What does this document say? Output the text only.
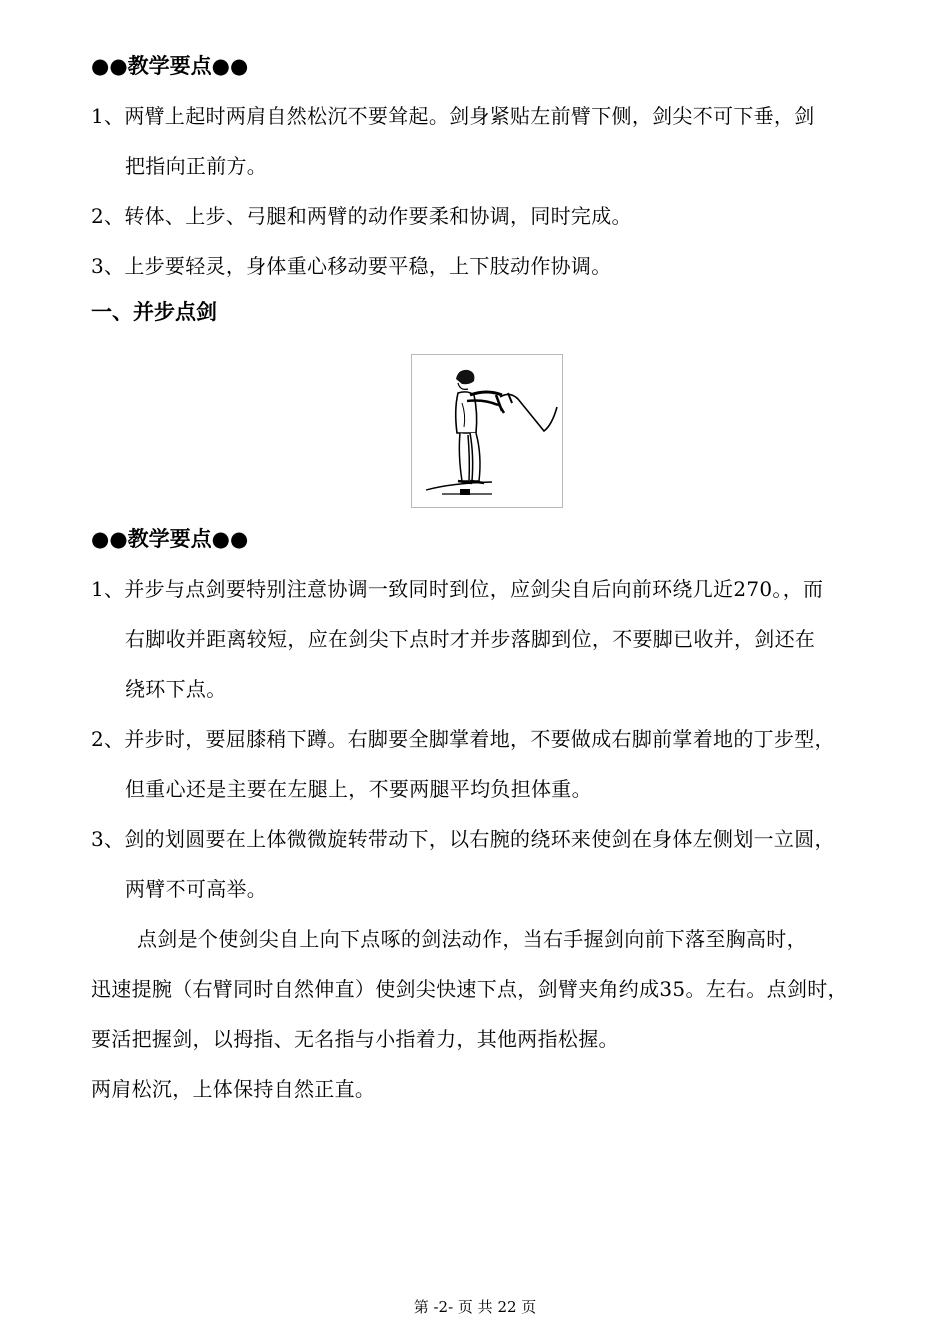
●●教学要点●●
1、两臂上起时两肩自然松沉不要耸起。剑身紧贴左前臂下侧，剑尖不可下垂，剑
把指向正前方。
2、转体、上步、弓腿和两臂的动作要柔和协调，同时完成。
3、上步要轻灵，身体重心移动要平稳，上下肢动作协调。
一、并步点剑
●●教学要点●●
1、并步与点剑要特别注意协调一致同时到位，应剑尖自后向前环绕几近270。，而
右脚收并距离较短，应在剑尖下点时才并步落脚到位，不要脚已收并，剑还在
绕环下点。
2、并步时，要屈膝稍下蹲。右脚要全脚掌着地，不要做成右脚前掌着地的丁步型，
但重心还是主要在左腿上，不要两腿平均负担体重。
3、剑的划圆要在上体微微旋转带动下，以右腕的绕环来使剑在身体左侧划一立圆，
两臂不可高举。
点剑是个使剑尖自上向下点啄的剑法动作，当右手握剑向前下落至胸高时，
迅速提腕（右臂同时自然伸直）使剑尖快速下点，剑臂夹角约成35。左右。点剑时，
要活把握剑，以拇指、无名指与小指着力，其他两指松握。
两肩松沉，上体保持自然正直。
第 -2- 页 共 22 页
